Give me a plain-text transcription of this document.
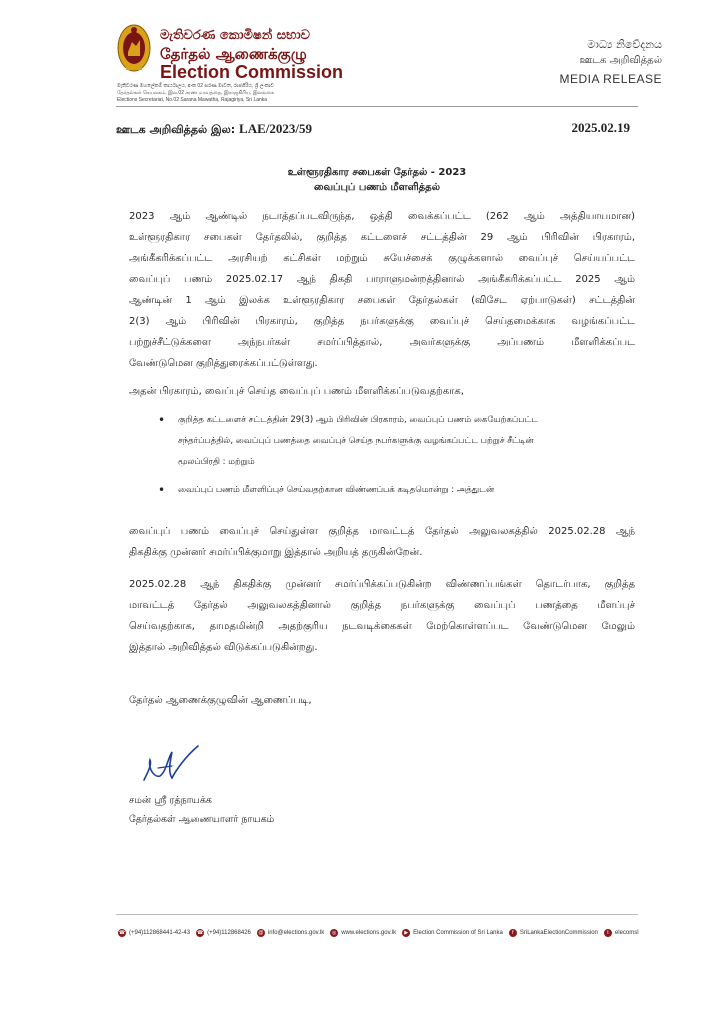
මැතිවරණ කොමිෂන් සභාව
தேர்தல் ஆணைக்குழு
Election Commission
මැතිවරණ මහලේකම් කාර්යාලය, අංක 02 සරණ මාවත, රාජගිරිය, ශ්‍රී ලංකාව
தேர்தல்கள் செயலகம், இல.02 சரண மாவத்தை, இராஜகிரிய, இலங்கை
Elections Secretariat, No.02 Sarana Mawatha, Rajagiriya, Sri Lanka
මාධ්‍ය නිවේදනය
ஊடக அறிவித்தல்
MEDIA RELEASE
ஊடக அறிவித்தல் இல: LAE/2023/59	2025.02.19
உள்ளூரதிகார சபைகள் தேர்தல் - 2023
வைப்புப் பணம் மீளளித்தல்
2023 ஆம் ஆண்டில் நடாத்தப்படவிருந்த, ஒத்தி வைக்கப்பட்ட (262 ஆம் அத்தியாயமான)
உள்ளூரதிகார சபைகள் தேர்தலில், குறித்த கட்டளைச் சட்டத்தின் 29 ஆம் பிரிவின் பிரகாரம்,
அங்கீகரிக்கப்பட்ட அரசியற் கட்சிகள் மற்றும் சுயேச்சைக் குழுக்களால் வைப்புச் செய்யப்பட்ட
வைப்புப் பணம் 2025.02.17 ஆந் திகதி பாராளுமன்றத்தினால் அங்கீகரிக்கப்பட்ட 2025 ஆம்
ஆண்டின் 1 ஆம் இலக்க உள்ளூரதிகார சபைகள் தேர்தல்கள் (விசேட ஏற்பாடுகள்) சட்டத்தின்
2(3) ஆம் பிரிவின் பிரகாரம், குறித்த நபர்களுக்கு வைப்புச் செய்தமைக்காக வழங்கப்பட்ட
பற்றுச்சீட்டுக்களை அந்நபர்கள் சமர்ப்பித்தால், அவர்களுக்கு அப்பணம் மீளளிக்கப்பட
வேண்டுமென குறித்துரைக்கப்பட்டுள்ளது.
அதன் பிரகாரம், வைப்புச் செய்த வைப்புப் பணம் மீளளிக்கப்படுவதற்காக,
• குறித்த கட்டளைச் சட்டத்தின் 29(3) ஆம் பிரிவின் பிரகாரம், வைப்புப் பணம் கையேற்கப்பட்ட
சந்தர்ப்பத்தில், வைப்புப் பணத்தை வைப்புச் செய்த நபர்களுக்கு வழங்கப்பட்ட பற்றுச் சீட்டின்
மூலப்பிரதி : மற்றும்
• வைப்புப் பணம் மீளளிப்புச் செய்வதற்கான விண்ணப்பக் கடிதமொன்று : அத்துடன்
வைப்புப் பணம் வைப்புச் செய்துள்ள குறித்த மாவட்டத் தேர்தல் அலுவலகத்தில் 2025.02.28 ஆந்
திகதிக்கு முன்னர் சமர்ப்பிக்குமாறு இத்தால் அறியத் தருகின்றேன்.
2025.02.28 ஆந் திகதிக்கு முன்னர் சமர்ப்பிக்கப்படுகின்ற விண்ணப்பங்கள் தொடர்பாக, குறித்த
மாவட்டத் தேர்தல் அலுவலகத்தினால் குறித்த நபர்களுக்கு வைப்புப் பணத்தை மீளப்புச்
செய்வதற்காக, தாமதமின்றி அதற்குரிய நடவடிக்கைகள் மேற்கொள்ளப்பட வேண்டுமென மேலும்
இத்தால் அறிவித்தல் விடுக்கப்படுகின்றது.
தேர்தல் ஆணைக்குழுவின் ஆணைப்படி,
சமன் ஸ்ரீ ரத்நாயக்க
தேர்தல்கள் ஆணையாளர் நாயகம்
☎ (+94)112868441-42-43 ☎ (+94)112868426 @ info@elections.gov.lk	◎ www.elections.gov.lk	▶ Election Commission of Sri Lanka	f	SriLankaElectionCommission	t	elecomsl
